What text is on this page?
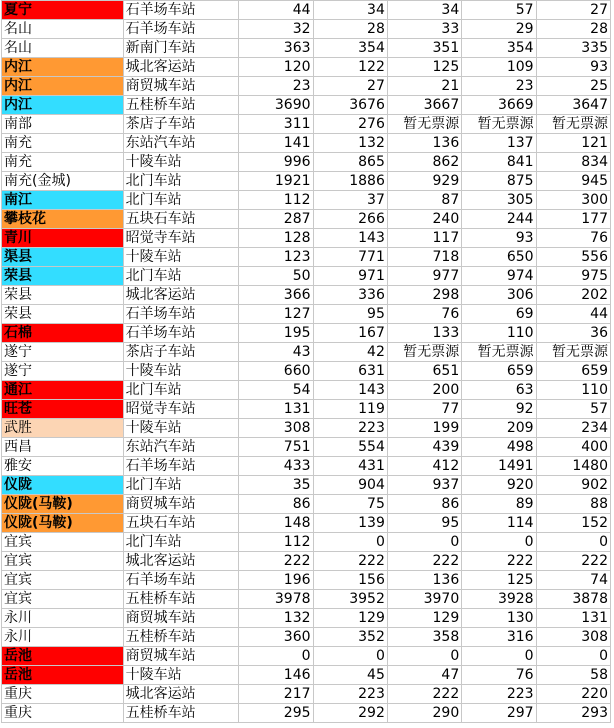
夏宁	石羊场车站	44	34	34	57	27
名山	石羊场车站	32	28	33	29	28
名山	新南门车站	363	354	351	354	335
内江	城北客运站	120	122	125	109	93
内江	商贸城车站	23	27	21	23	25
内江	五桂桥车站	3690	3676	3667	3669	3647
南部	茶店子车站	311	276	暂无票源	暂无票源	暂无票源
南充	东站汽车站	141	132	136	137	121
南充	十陵车站	996	865	862	841	834
南充(金城)	北门车站	1921	1886	929	875	945
南江	北门车站	112	37	87	305	300
攀枝花	五块石车站	287	266	240	244	177
青川	昭觉寺车站	128	143	117	93	76
渠县	十陵车站	123	771	718	650	556
荣县	北门车站	50	971	977	974	975
荣县	城北客运站	366	336	298	306	202
荣县	石羊场车站	127	95	76	69	44
石棉	石羊场车站	195	167	133	110	36
遂宁	茶店子车站	43	42	暂无票源	暂无票源	暂无票源
遂宁	十陵车站	660	631	651	659	659
通江	北门车站	54	143	200	63	110
旺苍	昭觉寺车站	131	119	77	92	57
武胜	十陵车站	308	223	199	209	234
西昌	东站汽车站	751	554	439	498	400
雅安	石羊场车站	433	431	412	1491	1480
仪陇	北门车站	35	904	937	920	902
仪陇(马鞍)	商贸城车站	86	75	86	89	88
仪陇(马鞍)	五块石车站	148	139	95	114	152
宜宾	北门车站	112	0	0	0	0
宜宾	城北客运站	222	222	222	222	222
宜宾	石羊场车站	196	156	136	125	74
宜宾	五桂桥车站	3978	3952	3970	3928	3878
永川	商贸城车站	132	129	129	130	131
永川	五桂桥车站	360	352	358	316	308
岳池	商贸城车站	0	0	0	0	0
岳池	十陵车站	146	45	47	76	58
重庆	城北客运站	217	223	222	223	220
重庆	五桂桥车站	295	292	290	297	293
